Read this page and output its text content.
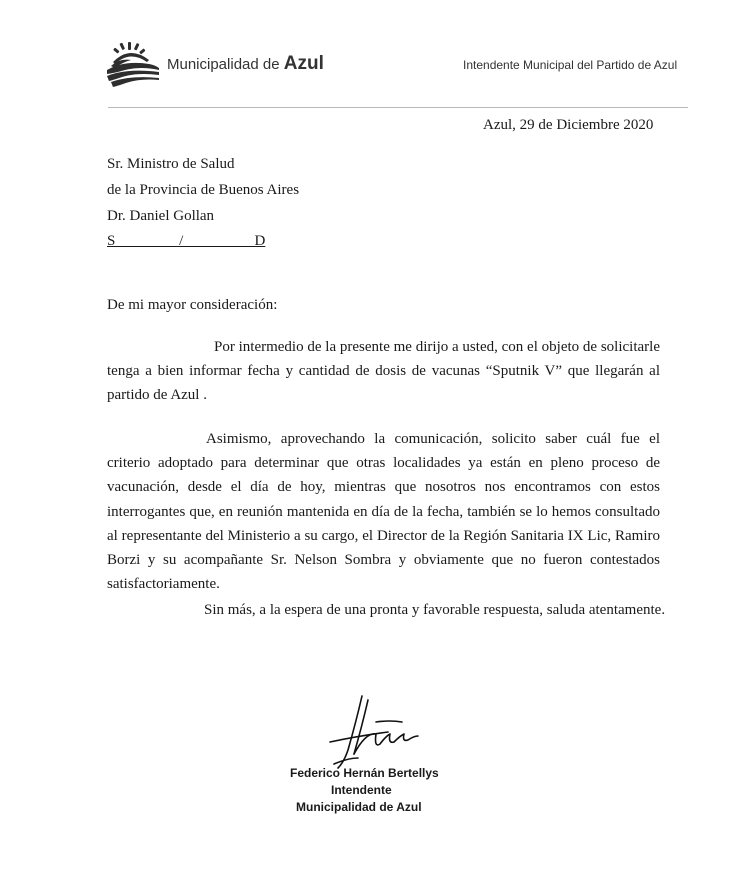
Municipalidad de Azul	Intendente Municipal del Partido de Azul
Azul, 29 de Diciembre 2020
Sr. Ministro de Salud
de la Provincia de Buenos Aires
Dr. Daniel Gollan
S                 /                   D
De mi mayor consideración:

Por intermedio de la presente me dirijo a usted, con el objeto de solicitarle tenga a bien informar fecha y cantidad de dosis de vacunas “Sputnik V” que llegarán al partido de Azul .

Asimismo, aprovechando la comunicación, solicito saber cuál fue el criterio adoptado para determinar que otras localidades ya están en pleno proceso de vacunación, desde el día de hoy, mientras que nosotros nos encontramos con estos interrogantes que, en reunión mantenida en día de la fecha, también se lo hemos consultado al representante del Ministerio a su cargo, el Director de la Región Sanitaria IX Lic, Ramiro Borzi y su acompañante Sr. Nelson Sombra y obviamente que no fueron contestados satisfactoriamente.

Sin más, a la espera de una pronta y favorable respuesta, saluda atentamente.

Federico Hernán Bertellys
Intendente
Municipalidad de Azul
